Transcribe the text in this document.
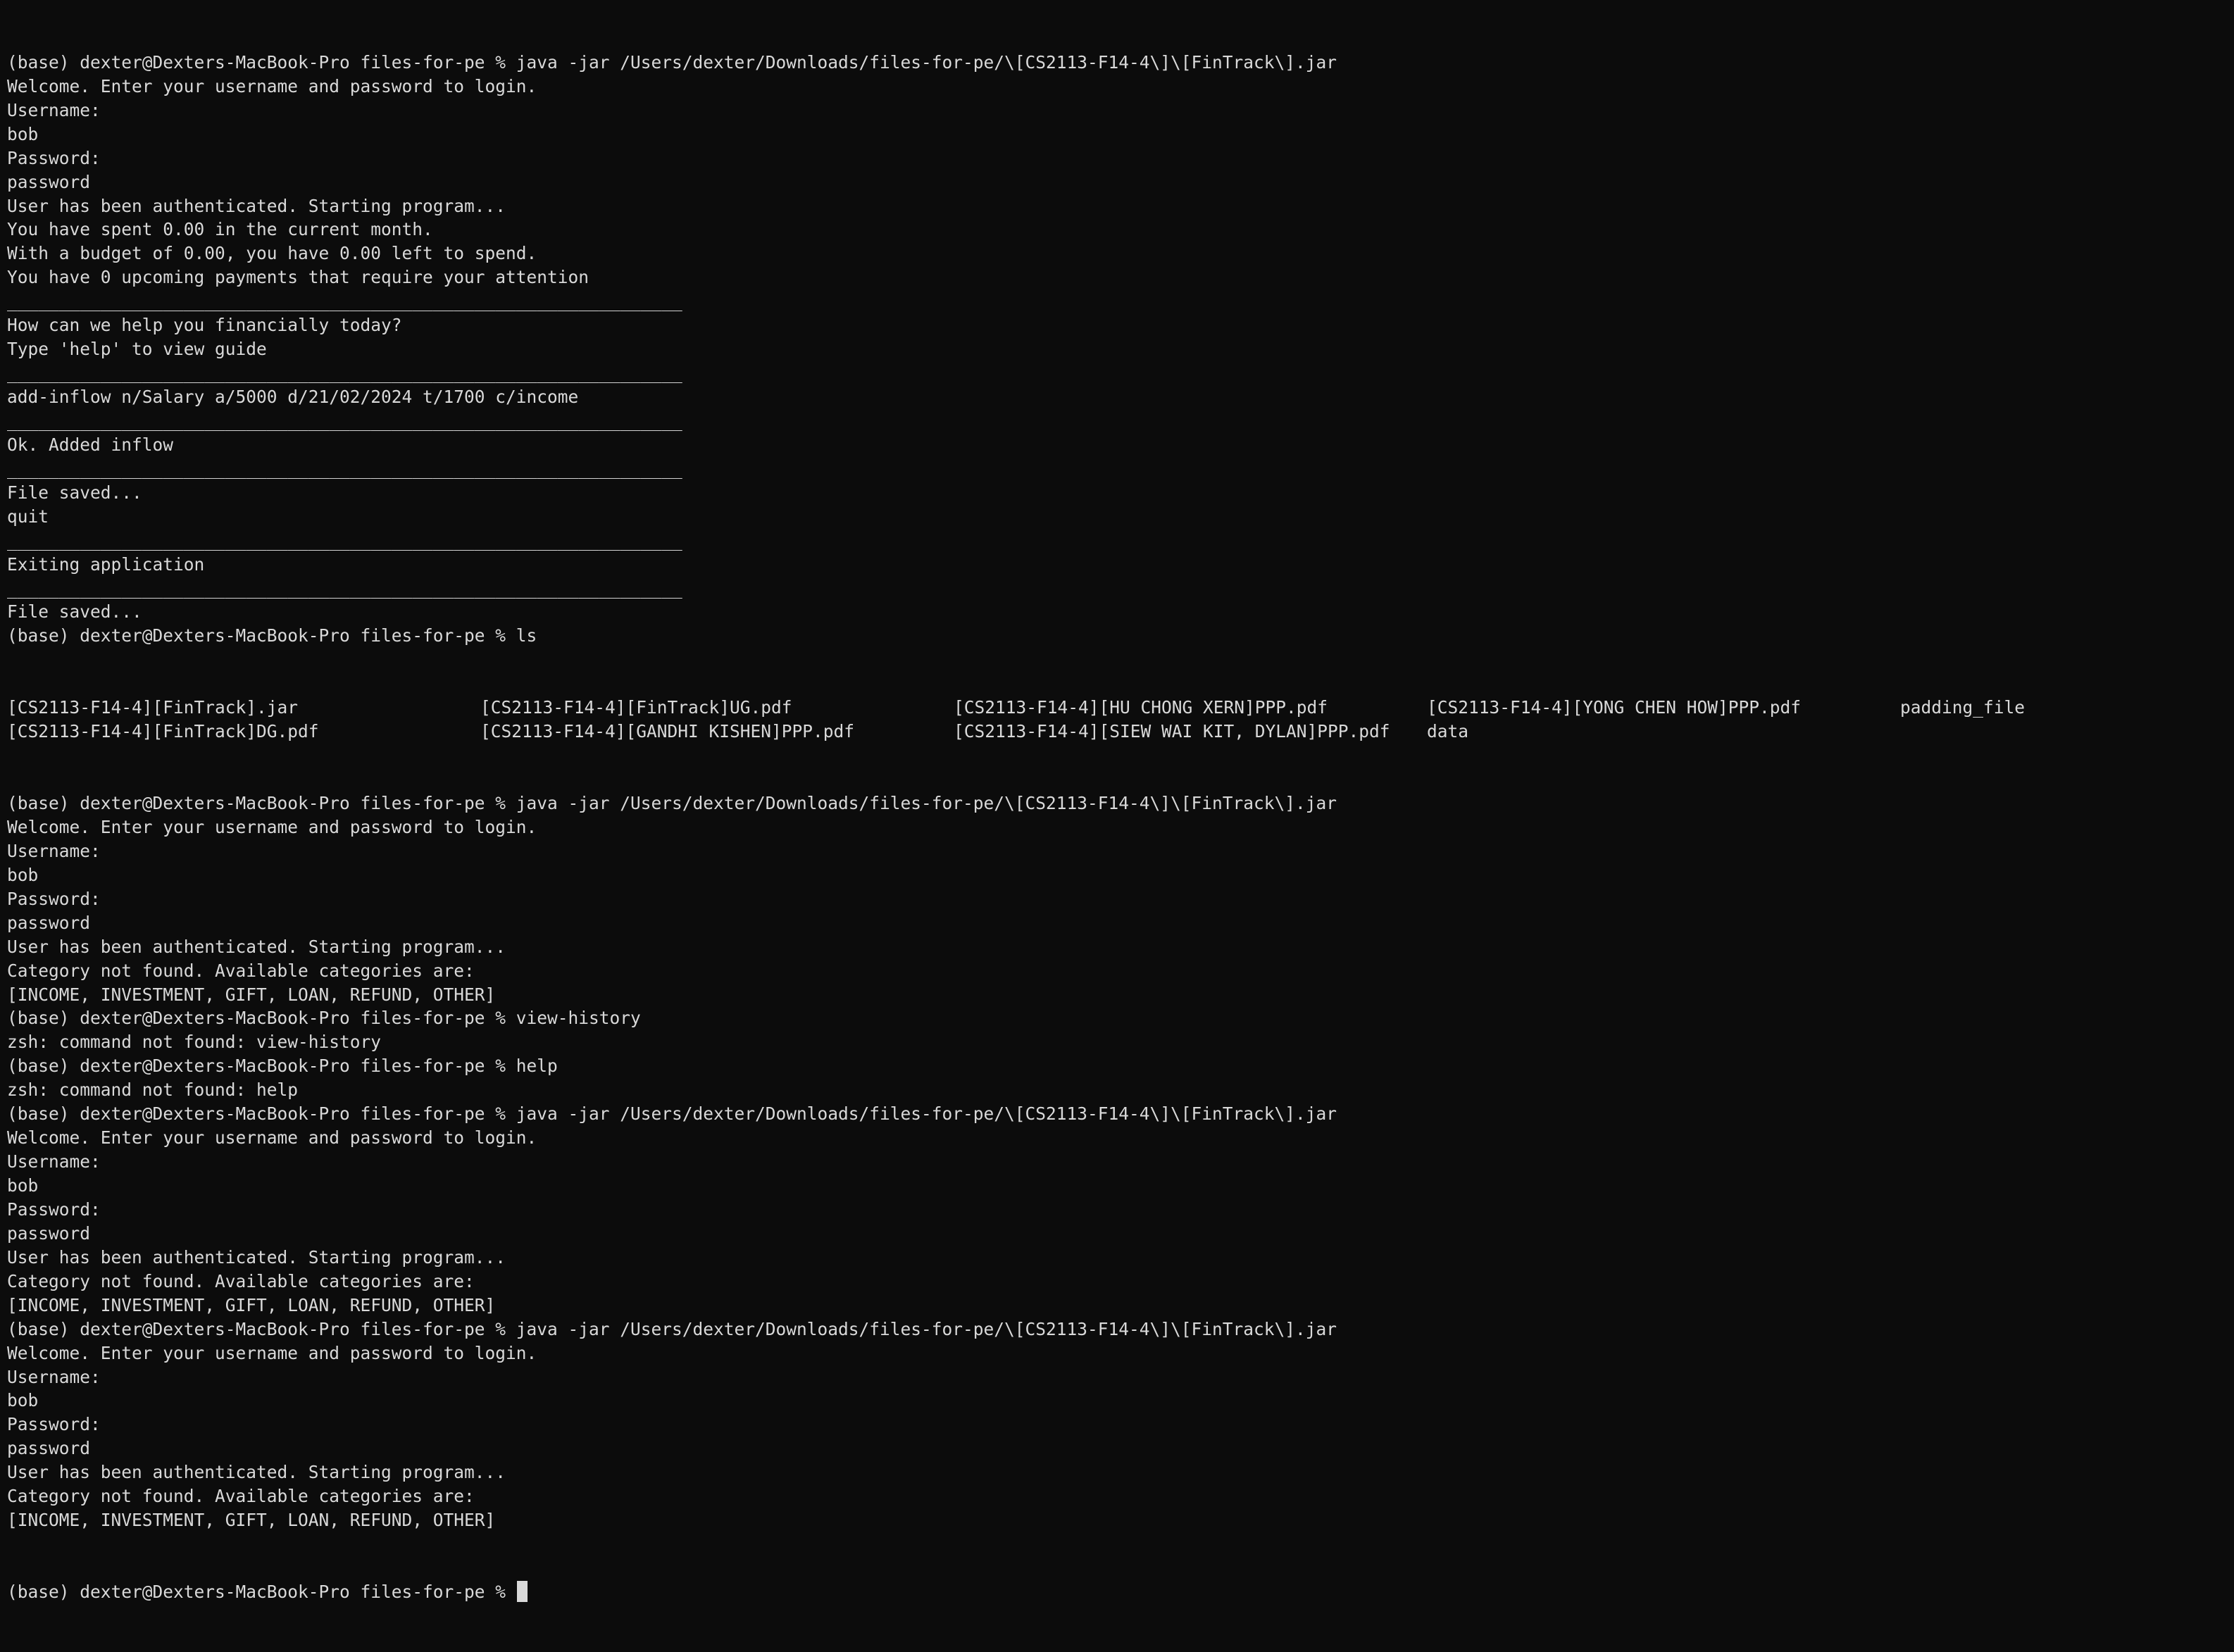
(base) dexter@Dexters-MacBook-Pro files-for-pe % java -jar /Users/dexter/Downloads/files-for-pe/\[CS2113-F14-4\]\[FinTrack\].jar
Welcome. Enter your username and password to login.
Username:
bob
Password:
password
User has been authenticated. Starting program...
You have spent 0.00 in the current month.
With a budget of 0.00, you have 0.00 left to spend.
You have 0 upcoming payments that require your attention
_________________________________________________________________
How can we help you financially today?
Type 'help' to view guide
_________________________________________________________________
add-inflow n/Salary a/5000 d/21/02/2024 t/1700 c/income
_________________________________________________________________
Ok. Added inflow
_________________________________________________________________
File saved...
quit
_________________________________________________________________
Exiting application
_________________________________________________________________
File saved...
(base) dexter@Dexters-MacBook-Pro files-for-pe % ls

[CS2113-F14-4][FinTrack].jar	[CS2113-F14-4][FinTrack]UG.pdf	[CS2113-F14-4][HU CHONG XERN]PPP.pdf	[CS2113-F14-4][YONG CHEN HOW]PPP.pdf	padding_file
[CS2113-F14-4][FinTrack]DG.pdf	[CS2113-F14-4][GANDHI KISHEN]PPP.pdf	[CS2113-F14-4][SIEW WAI KIT, DYLAN]PPP.pdf data

(base) dexter@Dexters-MacBook-Pro files-for-pe % java -jar /Users/dexter/Downloads/files-for-pe/\[CS2113-F14-4\]\[FinTrack\].jar
Welcome. Enter your username and password to login.
Username:
bob
Password:
password
User has been authenticated. Starting program...
Category not found. Available categories are:
[INCOME, INVESTMENT, GIFT, LOAN, REFUND, OTHER]
(base) dexter@Dexters-MacBook-Pro files-for-pe % view-history
zsh: command not found: view-history
(base) dexter@Dexters-MacBook-Pro files-for-pe % help
zsh: command not found: help
(base) dexter@Dexters-MacBook-Pro files-for-pe % java -jar /Users/dexter/Downloads/files-for-pe/\[CS2113-F14-4\]\[FinTrack\].jar
Welcome. Enter your username and password to login.
Username:
bob
Password:
password
User has been authenticated. Starting program...
Category not found. Available categories are:
[INCOME, INVESTMENT, GIFT, LOAN, REFUND, OTHER]
(base) dexter@Dexters-MacBook-Pro files-for-pe % java -jar /Users/dexter/Downloads/files-for-pe/\[CS2113-F14-4\]\[FinTrack\].jar
Welcome. Enter your username and password to login.
Username:
bob
Password:
password
User has been authenticated. Starting program...
Category not found. Available categories are:
[INCOME, INVESTMENT, GIFT, LOAN, REFUND, OTHER]

(base) dexter@Dexters-MacBook-Pro files-for-pe %
